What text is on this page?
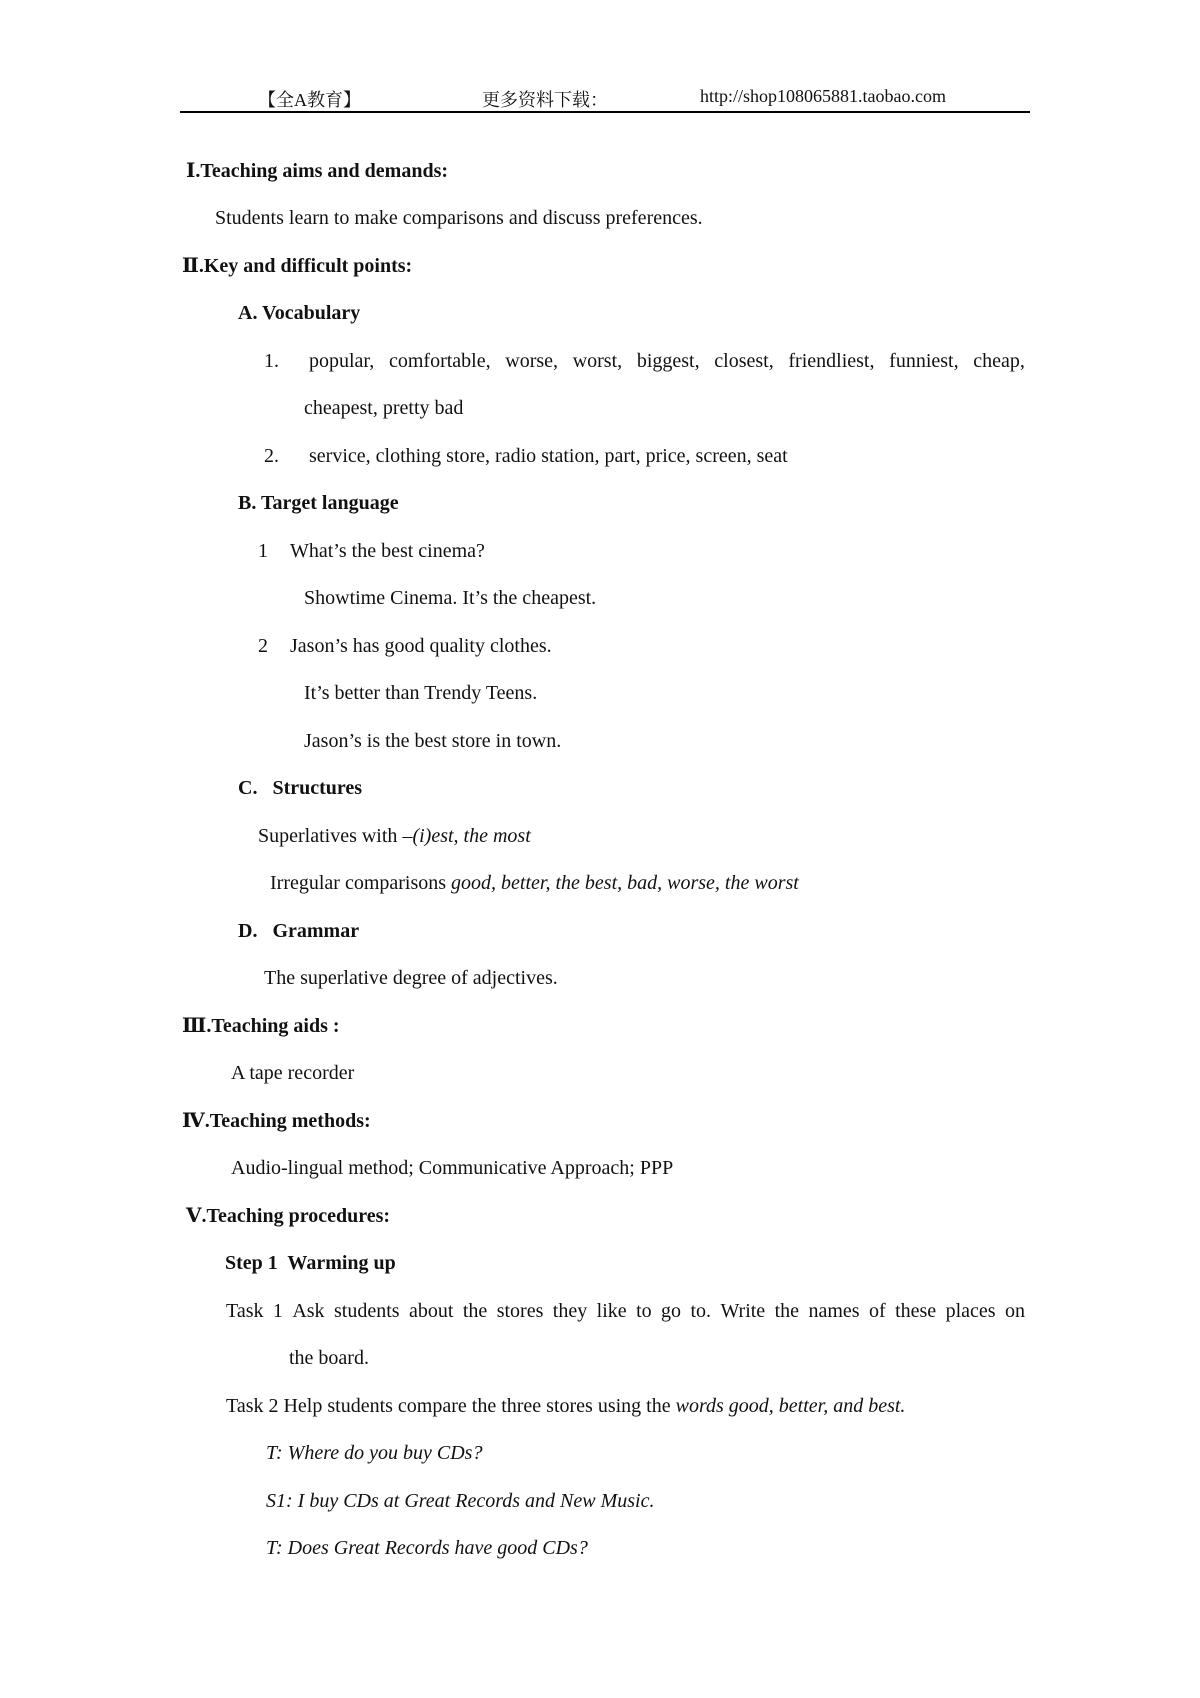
【全A教育】	更多资料下载：	http://shop108065881.taobao.com
Ⅰ.Teaching aims and demands:
Students learn to make comparisons and discuss preferences.
Ⅱ.Key and difficult points:
A. Vocabulary
1. popular, comfortable, worse, worst, biggest, closest, friendliest, funniest, cheap,
cheapest, pretty bad
2. service, clothing store, radio station, part, price, screen, seat
B. Target language
1 What’s the best cinema?
Showtime Cinema. It’s the cheapest.
2 Jason’s has good quality clothes.
It’s better than Trendy Teens.
Jason’s is the best store in town.
C.   Structures
Superlatives with –(i)est, the most
Irregular comparisons good, better, the best, bad, worse, the worst
D.   Grammar
The superlative degree of adjectives.
Ⅲ.Teaching aids :
A tape recorder
Ⅳ.Teaching methods:
Audio-lingual method; Communicative Approach; PPP
Ⅴ.Teaching procedures:
Step 1  Warming up
Task 1 Ask students about the stores they like to go to. Write the names of these places on
the board.
Task 2 Help students compare the three stores using the words good, better, and best.
T: Where do you buy CDs?
S1: I buy CDs at Great Records and New Music.
T: Does Great Records have good CDs?
